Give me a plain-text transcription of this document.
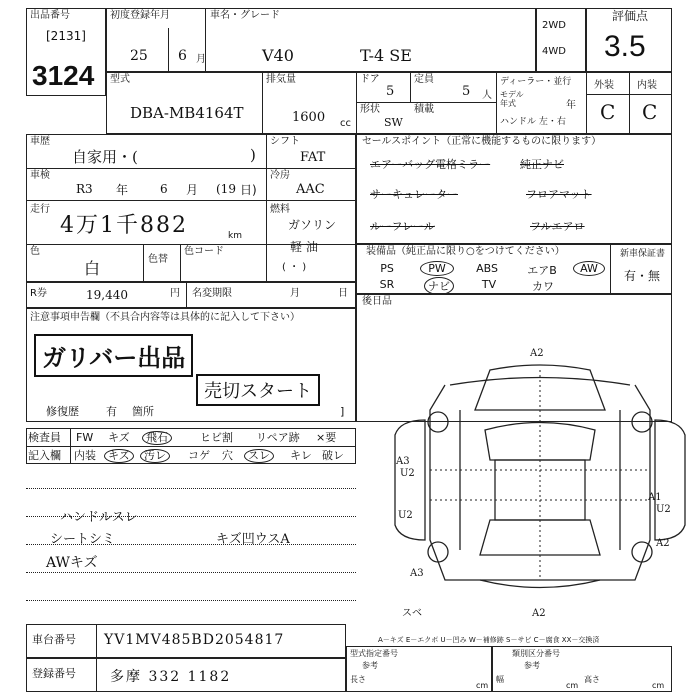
出品番号
[2131]
3124
初度登録年月
25 6 月
車名・グレード
V40	T-4 SE
2WD
4WD
評価点
3.5
型式
DBA-MB4164T
排気量
1600 cc
ドア
5
定員
5 人
形状
SW
積載
ディーラー・並行
モデル年式	年
ハンドル 左・右
外装 内装
C C
車歴
自家用・(	)
シフト
FAT
車検
R3 年	6 月 (19 日)
冷房
AAC
走行
4万1千882	km
燃料
ガソリン
軽 油
( ・ )
色
白	色替
色コード
R券	19,440	円 名変期限	月	日
セールスポイント（正常に機能するものに限ります）
エアーバッグ電格ミラー	純正ナビ
サーキュレーター	フロアマット
ルーフレール	フルエアロ
装備品（純正品に限り○をつけてください）	新車保証書
有・無
PS	PW	ABS	エアB	AW
SR	ナビ	TV	カワ
後日品
注意事項申告欄（不具合内容等は具体的に記入して下さい）
ガリバー出品
売切スタート
修復歴 有 箇所	]
検査員
記入欄
FW キズ	飛石	ヒビ割 リペア跡 ×要
内装	キズ	汚レ	コゲ 穴	スレ	キレ 破レ
ハンドルスレ
シートシミ
AWキズ
キズ凹ウスA
A2
A3
U2
A1
U2
U2
A2
A3
A2
スベ
A－キズ E－エクボ U－凹み W－補修跡 S－サビ C－腐食 XX－交換済
車台番号 YV1MV485BD2054817
登録番号 多摩 332 1182
型式指定番号
参考
長さ
cm
類別区分番号
参考
幅
cm
高さ
cm
